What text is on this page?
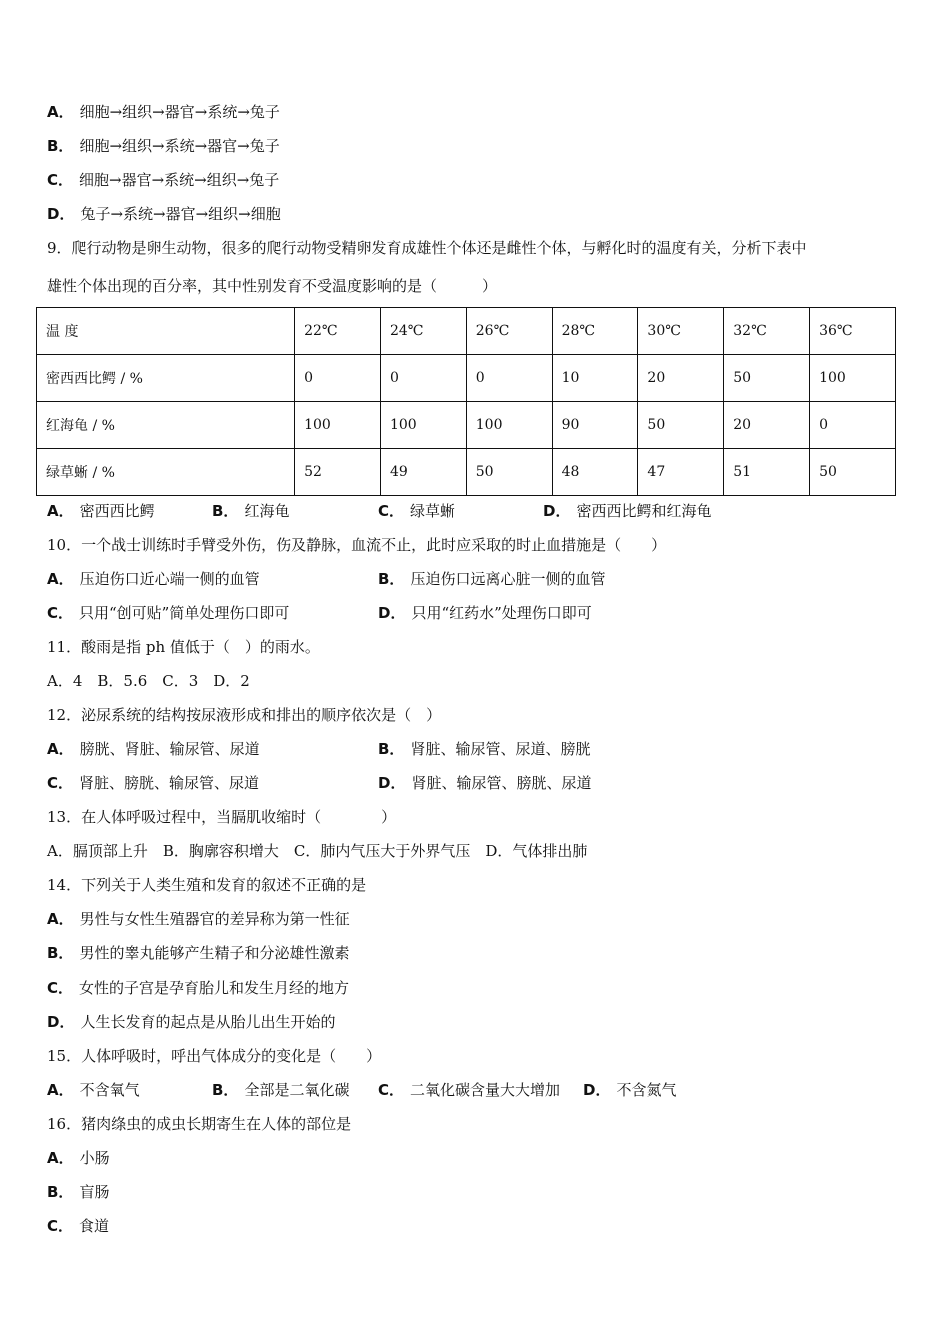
A． 细胞→组织→器官→系统→兔子
B． 细胞→组织→系统→器官→兔子
C． 细胞→器官→系统→组织→兔子
D． 兔子→系统→器官→组织→细胞
9．爬行动物是卵生动物，很多的爬行动物受精卵发育成雄性个体还是雌性个体，与孵化时的温度有关，分析下表中
雄性个体出现的百分率，其中性别发育不受温度影响的是（　　　）
温 度	22℃	24℃	26℃	28℃	30℃	32℃	36℃
密西西比鳄 / %	0	0	0	10	20	50	100
红海龟 / %	100	100	100	90	50	20	0
绿草蜥 / %	52	49	50	48	47	51	50
A． 密西西比鳄	B． 红海龟	C． 绿草蜥	D． 密西西比鳄和红海龟
10．一个战士训练时手臂受外伤，伤及静脉，血流不止，此时应采取的时止血措施是（　　）
A． 压迫伤口近心端一侧的血管	B． 压迫伤口远离心脏一侧的血管
C． 只用“创可贴”简单处理伤口即可	D． 只用“红药水”处理伤口即可
11．酸雨是指 ph 值低于（　）的雨水。
A．4　B．5.6　C．3　D．2
12．泌尿系统的结构按尿液形成和排出的顺序依次是（　）
A． 膀胱、肾脏、输尿管、尿道	B． 肾脏、输尿管、尿道、膀胱
C． 肾脏、膀胱、输尿管、尿道	D． 肾脏、输尿管、膀胱、尿道
13．在人体呼吸过程中，当膈肌收缩时（　　　　）
A．膈顶部上升　B．胸廓容积增大　C．肺内气压大于外界气压　D．气体排出肺
14．下列关于人类生殖和发育的叙述不正确的是
A． 男性与女性生殖器官的差异称为第一性征
B． 男性的睾丸能够产生精子和分泌雄性激素
C． 女性的子宫是孕育胎儿和发生月经的地方
D． 人生长发育的起点是从胎儿出生开始的
15．人体呼吸时，呼出气体成分的变化是（　　）
A． 不含氧气	B． 全部是二氧化碳 C． 二氧化碳含量大大增加 D． 不含氮气
16．猪肉绦虫的成虫长期寄生在人体的部位是
A． 小肠
B． 盲肠
C． 食道
